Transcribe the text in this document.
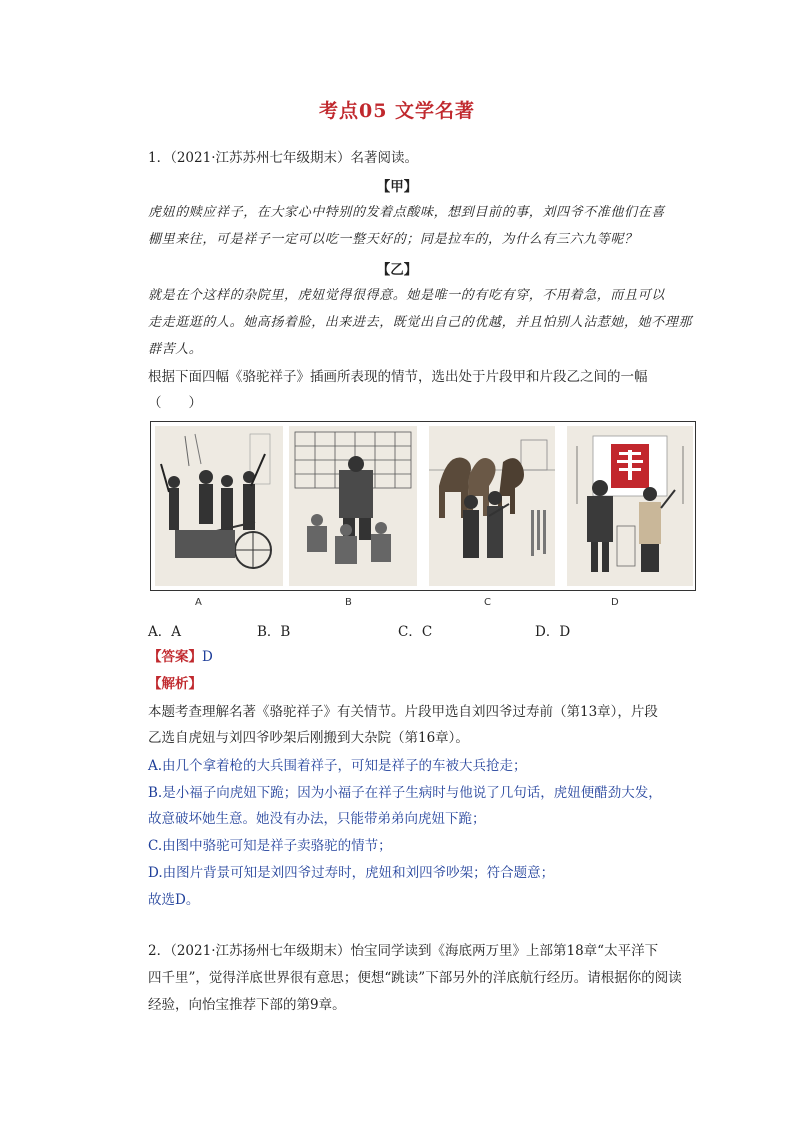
考点05 文学名著
1．（2021·江苏苏州七年级期末）名著阅读。
【甲】
虎妞的赎应祥子，在大家心中特别的发着点酸味，想到目前的事，刘四爷不准他们在喜
棚里来往，可是祥子一定可以吃一整天好的；同是拉车的，为什么有三六九等呢？
【乙】
就是在个这样的杂院里，虎妞觉得很得意。她是唯一的有吃有穿，不用着急，而且可以
走走逛逛的人。她高扬着脸，出来进去，既觉出自己的优越，并且怕别人沾惹她，她不理那
群苦人。
根据下面四幅《骆驼祥子》插画所表现的情节，选出处于片段甲和片段乙之间的一幅
（　　）
A	B	C	D
A．A	B．B	C．C	D．D
【答案】D
【解析】
本题考查理解名著《骆驼祥子》有关情节。片段甲选自刘四爷过寿前（第13章），片段
乙选自虎妞与刘四爷吵架后刚搬到大杂院（第16章）。
A.由几个拿着枪的大兵围着祥子，可知是祥子的车被大兵抢走；
B.是小福子向虎妞下跪；因为小福子在祥子生病时与他说了几句话，虎妞便醋劲大发，
故意破坏她生意。她没有办法，只能带弟弟向虎妞下跪；
C.由图中骆驼可知是祥子卖骆驼的情节；
D.由图片背景可知是刘四爷过寿时，虎妞和刘四爷吵架；符合题意；
故选D。
2．（2021·江苏扬州七年级期末）怡宝同学读到《海底两万里》上部第18章“太平洋下
四千里”，觉得洋底世界很有意思；便想“跳读”下部另外的洋底航行经历。请根据你的阅读
经验，向怡宝推荐下部的第9章。
